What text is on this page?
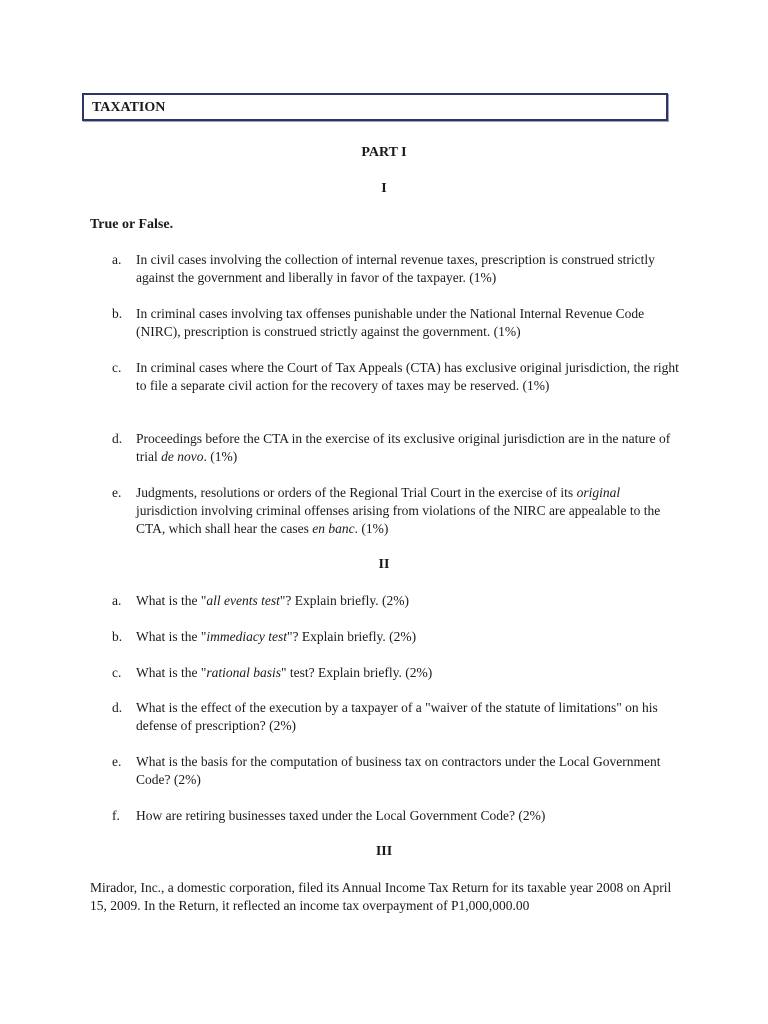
TAXATION
PART I
I
True or False.
a.	In civil cases involving the collection of internal revenue taxes, prescription is construed strictly against the government and liberally in favor of the taxpayer. (1%)
b.	In criminal cases involving tax offenses punishable under the National Internal Revenue Code (NIRC), prescription is construed strictly against the government. (1%)
c.	In criminal cases where the Court of Tax Appeals (CTA) has exclusive original jurisdiction, the right to file a separate civil action for the recovery of taxes may be reserved. (1%)
d.	Proceedings before the CTA in the exercise of its exclusive original jurisdiction are in the nature of trial de novo. (1%)
e.	Judgments, resolutions or orders of the Regional Trial Court in the exercise of its original jurisdiction involving criminal offenses arising from violations of the NIRC are appealable to the CTA, which shall hear the cases en banc. (1%)
II
a.	What is the "all events test"? Explain briefly. (2%)
b.	What is the "immediacy test"? Explain briefly. (2%)
c.	What is the "rational basis" test? Explain briefly. (2%)
d.	What is the effect of the execution by a taxpayer of a "waiver of the statute of limitations" on his defense of prescription? (2%)
e.	What is the basis for the computation of business tax on contractors under the Local Government Code? (2%)
f.	How are retiring businesses taxed under the Local Government Code? (2%)
III
Mirador, Inc., a domestic corporation, filed its Annual Income Tax Return for its taxable year 2008 on April 15, 2009. In the Return, it reflected an income tax overpayment of P1,000,000.00
